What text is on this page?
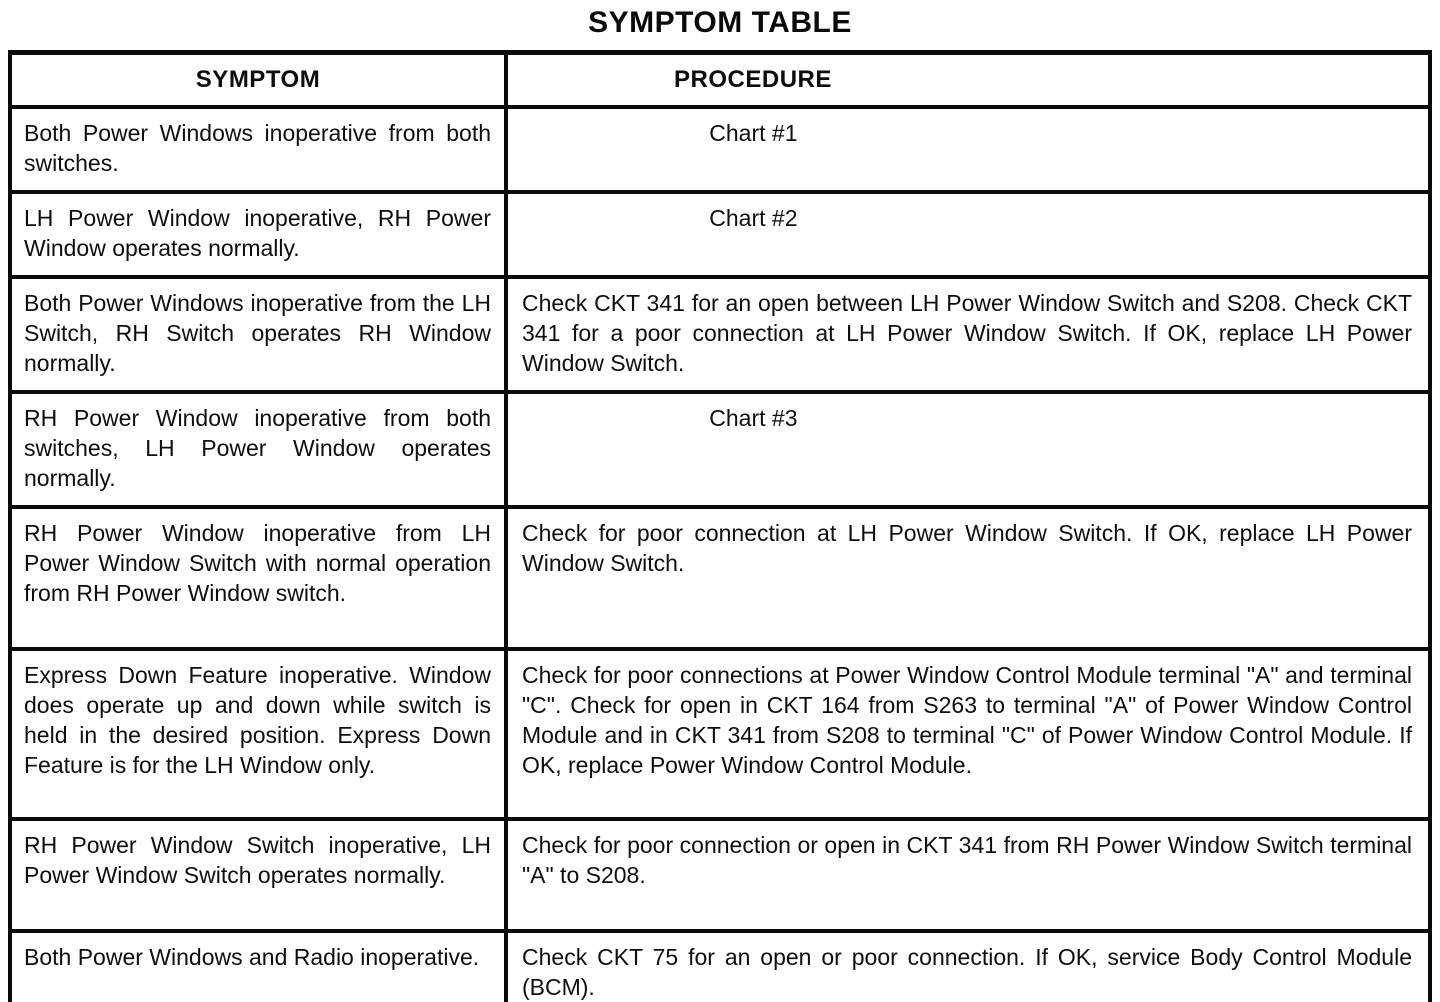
SYMPTOM TABLE
SYMPTOM	PROCEDURE

Both Power Windows inoperative from both switches.	Chart #1

LH Power Window inoperative, RH Power Window operates normally.	Chart #2

Both Power Windows inoperative from the LH Switch, RH Switch operates RH Window normally.	Check CKT 341 for an open between LH Power Window Switch and S208. Check CKT 341 for a poor connection at LH Power Window Switch. If OK, replace LH Power Window Switch.
RH Power Window inoperative from both switches, LH Power Window operates normally.	Chart #3

RH Power Window inoperative from LH Power Window Switch with normal operation from RH Power Window switch.	Check for poor connection at LH Power Window Switch. If OK, replace LH Power Window Switch.
Express Down Feature inoperative. Window does operate up and down while switch is held in the desired position. Express Down Feature is for the LH Window only.	Check for poor connections at Power Window Control Module terminal "A" and terminal "C". Check for open in CKT 164 from S263 to terminal "A" of Power Window Control Module and in CKT 341 from S208 to terminal "C" of Power Window Control Module. If OK, replace Power Window Control Module.
RH Power Window Switch inoperative, LH Power Window Switch operates normally.	Check for poor connection or open in CKT 341 from RH Power Window Switch terminal "A" to S208.
Both Power Windows and Radio inoperative.	Check CKT 75 for an open or poor connection. If OK, service Body Control Module (BCM).
